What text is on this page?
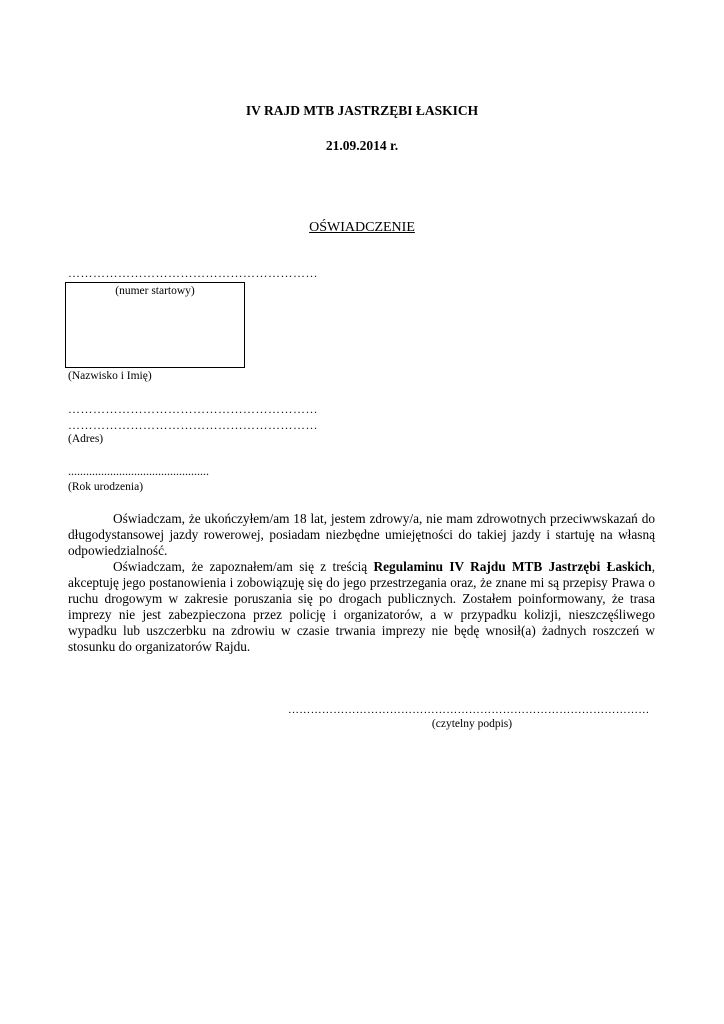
IV RAJD MTB JASTRZĘBI ŁASKICH
21.09.2014 r.
OŚWIADCZENIE
……………………………………………………
(numer startowy)
(Nazwisko i Imię)
……………………………………………………
……………………………………………………
(Adres)
...............................................
(Rok urodzenia)

Oświadczam, że ukończyłem/am 18 lat, jestem zdrowy/a, nie mam zdrowotnych przeciwwskazań do długodystansowej jazdy rowerowej, posiadam niezbędne umiejętności do takiej jazdy i startuję na własną odpowiedzialność.

Oświadczam, że zapoznałem/am się z treścią Regulaminu IV Rajdu MTB Jastrzębi Łaskich, akceptuję jego postanowienia i zobowiązuję się do jego przestrzegania oraz, że znane mi są przepisy Prawa o ruchu drogowym w zakresie poruszania się po drogach publicznych. Zostałem poinformowany, że trasa imprezy nie jest zabezpieczona przez policję i organizatorów, a w przypadku kolizji, nieszczęśliwego wypadku lub uszczerbku na zdrowiu w czasie trwania imprezy nie będę wnosił(a) żadnych roszczeń w stosunku do organizatorów Rajdu.

……………………………………………………………………………………
(czytelny podpis)
